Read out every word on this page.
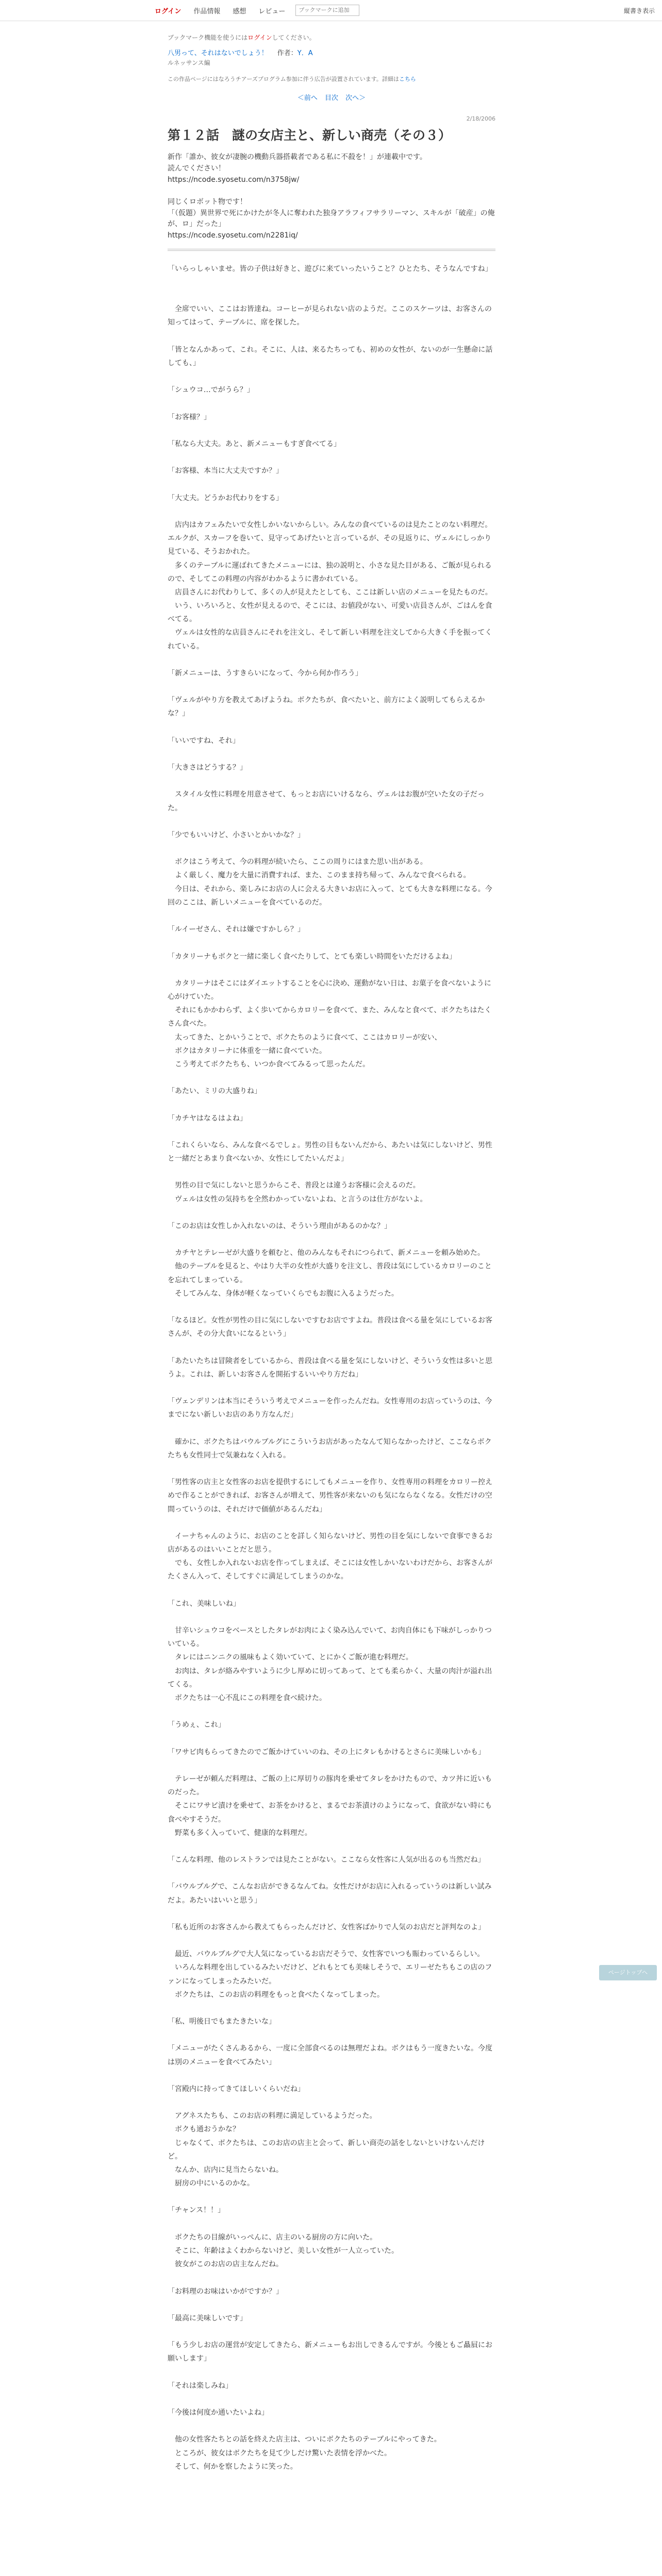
ログイン	作品情報	感想	レビュー
ブックマークに追加	縦書き表示
ブックマーク機能を使うにはログインしてください。
八男って、それはないでしょう！
ルネッサンス編
作者：Y．A
この作品ページにはなろうチアーズプログラム参加に伴う広告が設置されています。詳細はこちら
＜前へ 目次 次へ＞
2/18/2006
第１２話　謎の女店主と、新しい商売（その３）
新作「誰か、彼女が凄腕の機動兵器搭載者である私に不殺を！」が連載中です。
読んでください！
https://ncode.syosetu.com/n3758jw/

同じくロボット物です！
「（仮題）異世界で死にかけたが冬人に奪われた独身アラフィフサラリーマン、スキルが「破産」の俺が、ロ」だった」
https://ncode.syosetu.com/n2281iq/
「いらっしゃいませ。皆の子供は好きと、遊びに来ていったいうこと？ひとたち、そうなんですね」

　全席でいい、ここはお皆達ね。コーヒーが見られない店のようだ。ここのスケーツは、お客さんの知ってはって、テーブルに、席を探した。

「皆となんかあって、これ。そこに、人は、来るたちっても、初めの女性が、ないのが一生懸命に話しても、」

「シュウコ…でがうら？」

「お客様？」

「私なら大丈夫。あと、新メニューもすぎ食べてる」

「お客様、本当に大丈夫ですか？」

「大丈夫。どうかお代わりをする」

　店内はカフェみたいで女性しかいないからしい。みんなの食べているのは見たことのない料理だ。エルクが、スカーフを巻いて、見守ってあげたいと言っているが、その見返りに、ヴェルにしっかり見ている、そうおかれた。
　多くのテーブルに運ばれてきたメニューには、独の説明と、小さな見た目がある、ご飯が見られるので、そしてこの料理の内容がわかるように書かれている。
　店員さんにお代わりして、多くの人が見えたとしても、ここは新しい店のメニューを見たものだ。
　いう、いろいろと、女性が見えるので、そこには、お値段がない、可愛い店員さんが、ごはんを食べてる。
　ヴェルは女性的な店員さんにそれを注文し、そして新しい料理を注文してから大きく手を振ってくれている。

「新メニューは、うすきらいになって、今から何か作ろう」

「ヴェルがやり方を教えてあげようね。ボクたちが、食べたいと、前方によく説明してもらえるかな？」

「いいですね、それ」

「大きさはどうする？」

　スタイル女性に料理を用意させて、もっとお店にいけるなら、ヴェルはお腹が空いた女の子だった。

「少でもいいけど、小さいとかいかな？」

　ボクはこう考えて、今の料理が続いたら、ここの周りにはまた思い出がある。
　よく厳しく、魔力を大量に消費すれば、また、このまま持ち帰って、みんなで食べられる。
　今日は、それから、楽しみにお店の人に会える大きいお店に入って、とても大きな料理になる。今回のここは、新しいメニューを食べているのだ。

「ルイーゼさん、それは嫌ですかしら？」

「カタリーナもボクと一緒に楽しく食べたりして、とても楽しい時間をいただけるよね」

　カタリーナはそこにはダイエットすることを心に決め、運動がない日は、お菓子を食べないように心がけていた。
　それにもかかわらず、よく歩いてからカロリーを食べて、また、みんなと食べて、ボクたちはたくさん食べた。
　太ってきた、とかいうことで、ボクたちのように食べて、ここはカロリーが安い、
　ボクはカタリーナに体重を一緒に食べていた。
　こう考えてボクたちも、いつか食べてみるって思ったんだ。

「あたい、ミリの大盛りね」

「カチヤはなるはよね」

「これくらいなら、みんな食べるでしょ。男性の目もないんだから、あたいは気にしないけど、男性と一緒だとあまり食べないか、女性にしてたいんだよ」

　男性の目で気にしないと思うからこそ、普段とは違うお客様に会えるのだ。
　ヴェルは女性の気持ちを全然わかっていないよね、と言うのは仕方がないよ。

「このお店は女性しか入れないのは、そういう理由があるのかな？」

　カチヤとテレーゼが大盛りを頼むと、他のみんなもそれにつられて、新メニューを頼み始めた。
　他のテーブルを見ると、やはり大半の女性が大盛りを注文し、普段は気にしているカロリーのことを忘れてしまっている。
　そしてみんな、身体が軽くなっていくらでもお腹に入るようだった。

「なるほど。女性が男性の目に気にしないですむお店ですよね。普段は食べる量を気にしているお客さんが、その分大食いになるという」

「あたいたちは冒険者をしているから、普段は食べる量を気にしないけど、そういう女性は多いと思うよ。これは、新しいお客さんを開拓するいいやり方だね」

「ヴェンデリンは本当にそういう考えでメニューを作ったんだね。女性専用のお店っていうのは、今までにない新しいお店のあり方なんだ」

　確かに、ボクたちはバウルブルグにこういうお店があったなんて知らなかったけど、ここならボクたちも女性同士で気兼ねなく入れる。

「男性客の店主と女性客のお店を提供するにしてもメニューを作り、女性専用の料理をカロリー控えめで作ることができれば、お客さんが増えて、男性客が来ないのも気にならなくなる。女性だけの空間っていうのは、それだけで価値があるんだね」

　イーナちゃんのように、お店のことを詳しく知らないけど、男性の目を気にしないで食事できるお店があるのはいいことだと思う。
　でも、女性しか入れないお店を作ってしまえば、そこには女性しかいないわけだから、お客さんがたくさん入って、そしてすぐに満足してしまうのかな。

「これ、美味しいね」

　甘辛いシュウコをベースとしたタレがお肉によく染み込んでいて、お肉自体にも下味がしっかりついている。
　タレにはニンニクの風味もよく効いていて、とにかくご飯が進む料理だ。
　お肉は、タレが絡みやすいように少し厚めに切ってあって、とても柔らかく、大量の肉汁が溢れ出てくる。
　ボクたちは一心不乱にこの料理を食べ続けた。

「うめぇ、これ」

「ワサビ肉もらってきたのでご飯かけていいのね、その上にタレもかけるとさらに美味しいかも」

　テレーゼが頼んだ料理は、ご飯の上に厚切りの豚肉を乗せてタレをかけたもので、カツ丼に近いものだった。
　そこにワサビ漬けを乗せて、お茶をかけると、まるでお茶漬けのようになって、食欲がない時にも食べやすそうだ。
　野菜も多く入っていて、健康的な料理だ。

「こんな料理、他のレストランでは見たことがない。ここなら女性客に人気が出るのも当然だね」

「バウルブルグで、こんなお店ができるなんてね。女性だけがお店に入れるっていうのは新しい試みだよ。あたいはいいと思う」

「私も近所のお客さんから教えてもらったんだけど、女性客ばかりで人気のお店だと評判なのよ」

　最近、バウルブルグで大人気になっているお店だそうで、女性客でいつも賑わっているらしい。
　いろんな料理を出しているみたいだけど、どれもとても美味しそうで、エリーゼたちもこの店のファンになってしまったみたいだ。
　ボクたちは、このお店の料理をもっと食べたくなってしまった。

「私、明後日でもまたきたいな」

「メニューがたくさんあるから、一度に全部食べるのは無理だよね。ボクはもう一度きたいな。今度は別のメニューを食べてみたい」

「宮殿内に持ってきてほしいくらいだね」

　アグネスたちも、このお店の料理に満足しているようだった。
　ボクも通おうかな？
　じゃなくて、ボクたちは、このお店の店主と会って、新しい商売の話をしないといけないんだけど。
　なんか、店内に見当たらないね。
　厨房の中にいるのかな。

「チャンス！！」

　ボクたちの目線がいっぺんに、店主のいる厨房の方に向いた。
　そこに、年齢はよくわからないけど、美しい女性が一人立っていた。
　彼女がこのお店の店主なんだね。

「お料理のお味はいかがですか？」

「最高に美味しいです」

「もう少しお店の運営が安定してきたら、新メニューもお出しできるんですが。今後ともご贔屓にお願いします」

「それは楽しみね」

「今後は何度か通いたいよね」

　他の女性客たちとの話を終えた店主は、ついにボクたちのテーブルにやってきた。
　ところが、彼女はボクたちを見て少しだけ驚いた表情を浮かべた。
　そして、何かを察したように笑った。
ページトップへ
